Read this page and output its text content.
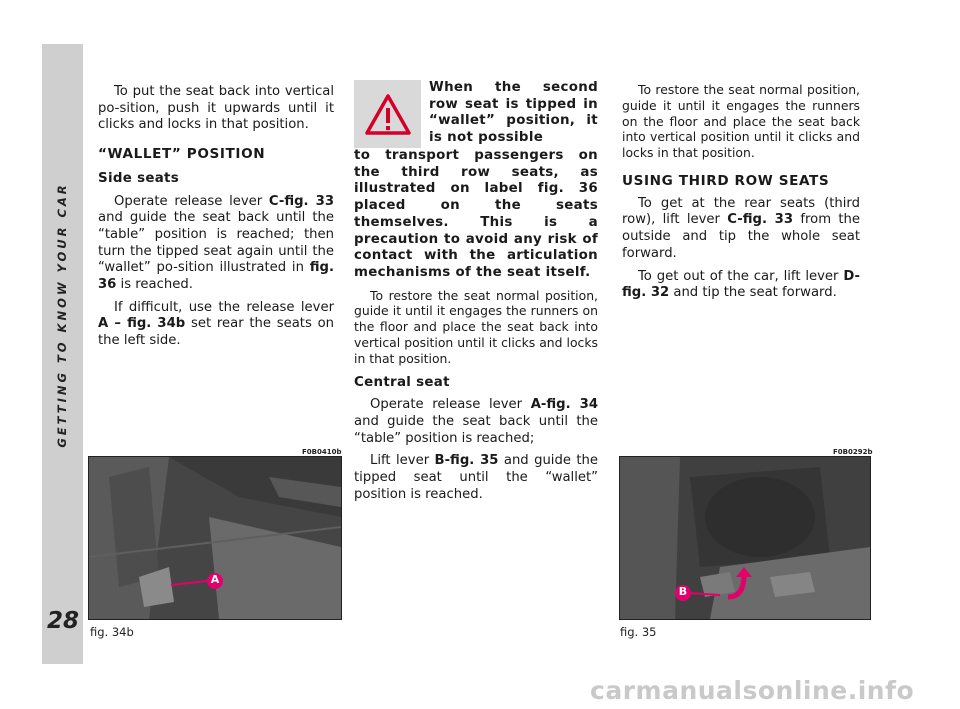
GETTING TO KNOW YOUR CAR
28

To put the seat back into vertical po-sition, push it upwards until it clicks and locks in that position.

“WALLET” POSITION
Side seats

Operate release lever C-fig. 33 and guide the seat back until the “table” position is reached; then turn the tipped seat again until the “wallet” po-sition illustrated in fig. 36 is reached.

If difficult, use the release lever A – fig. 34b set rear the seats on the left side.

When the second row seat is tipped in “wallet” position, it is not possible

to transport passengers on the third row seats, as illustrated on label fig. 36 placed on the seats themselves. This is a precaution to avoid any risk of contact with the articulation mechanisms of the seat itself.

To restore the seat normal position, guide it until it engages the runners on the floor and place the seat back into vertical position until it clicks and locks in that position.

Central seat

Operate release lever A-fig. 34 and guide the seat back until the “table” position is reached;

Lift lever B-fig. 35 and guide the tipped seat until the “wallet” position is reached.

To restore the seat normal position, guide it until it engages the runners on the floor and place the seat back into vertical position until it clicks and locks in that position.

USING THIRD ROW SEATS

To get at the rear seats (third row), lift lever C-fig. 33 from the outside and tip the whole seat forward.

To get out of the car, lift lever D-fig. 32 and tip the seat forward.

F0B0410b
A
fig. 34b
F0B0292b
B
fig. 35
carmanualsonline.info
